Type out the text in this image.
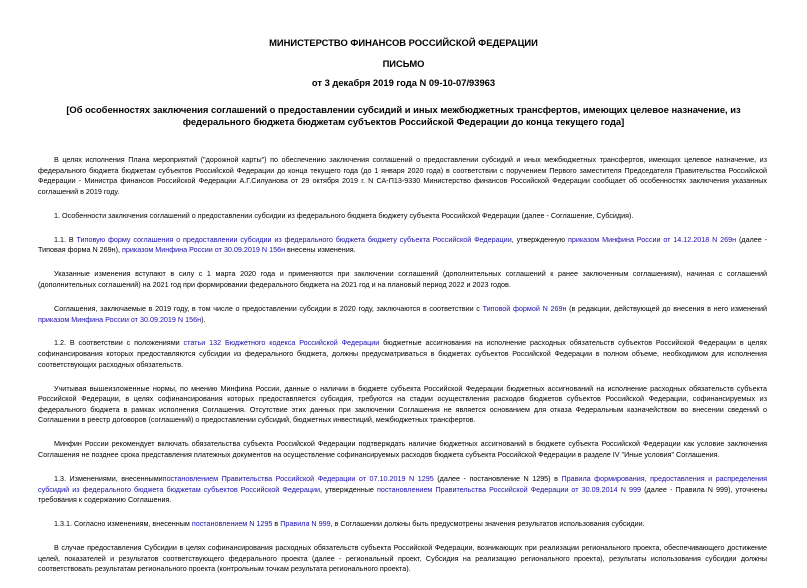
МИНИСТЕРСТВО ФИНАНСОВ РОССИЙСКОЙ ФЕДЕРАЦИИ
ПИСЬМО
от 3 декабря 2019 года N 09-10-07/93963
[Об особенностях заключения соглашений о предоставлении субсидий и иных межбюджетных трансфертов, имеющих целевое назначение, из федерального бюджета бюджетам субъектов Российской Федерации до конца текущего года]

В целях исполнения Плана мероприятий ("дорожной карты") по обеспечению заключения соглашений о предоставлении субсидий и иных межбюджетных трансфертов, имеющих целевое назначение, из федерального бюджета бюджетам субъектов Российской Федерации до конца текущего года (до 1 января 2020 года) в соответствии с поручением Первого заместителя Председателя Правительства Российской Федерации - Министра финансов Российской Федерации А.Г.Силуанова от 29 октября 2019 г. N СА-П13-9330 Министерство финансов Российской Федерации сообщает об особенностях заключения указанных соглашений в 2019 году.

1. Особенности заключения соглашений о предоставлении субсидии из федерального бюджета бюджету субъекта Российской Федерации (далее - Соглашение, Субсидия).

1.1. В Типовую форму соглашения о предоставлении субсидии из федерального бюджета бюджету субъекта Российской Федерации, утвержденную приказом Минфина России от 14.12.2018 N 269н (далее - Типовая форма N 269н), приказом Минфина России от 30.09.2019 N 156н внесены изменения.

Указанные изменения вступают в силу с 1 марта 2020 года и применяются при заключении соглашений (дополнительных соглашений к ранее заключенным соглашениям), начиная с соглашений (дополнительных соглашений) на 2021 год при формировании федерального бюджета на 2021 год и на плановый период 2022 и 2023 годов.

Соглашения, заключаемые в 2019 году, в том числе о предоставлении субсидии в 2020 году, заключаются в соответствии с Типовой формой N 269н (в редакции, действующей до внесения в него изменений приказом Минфина России от 30.09.2019 N 156н).

1.2. В соответствии с положениями статьи 132 Бюджетного кодекса Российской Федерации бюджетные ассигнования на исполнение расходных обязательств субъектов Российской Федерации в целях софинансирования которых предоставляются субсидии из федерального бюджета, должны предусматриваться в бюджетах субъектов Российской Федерации в полном объеме, необходимом для исполнения соответствующих расходных обязательств.

Учитывая вышеизложенные нормы, по мнению Минфина России, данные о наличии в бюджете субъекта Российской Федерации бюджетных ассигнований на исполнение расходных обязательств субъекта Российской Федерации, в целях софинансирования которых предоставляется субсидия, требуются на стадии осуществления расходов бюджетов субъектов Российской Федерации, софинансируемых из федерального бюджета в рамках исполнения Соглашения. Отсутствие этих данных при заключении Соглашения не является основанием для отказа Федеральным казначейством во внесении сведений о Соглашении в реестр договоров (соглашений) о предоставлении субсидий, бюджетных инвестиций, межбюджетных трансфертов.

Минфин России рекомендует включать обязательства субъекта Российской Федерации подтверждать наличие бюджетных ассигнований в бюджете субъекта Российской Федерации как условие заключения Соглашения не позднее срока представления платежных документов на осуществление софинансируемых расходов бюджета субъекта Российской Федерации в разделе IV "Иные условия" Соглашения.

1.3. Изменениями, внесеннымипостановлением Правительства Российской Федерации от 07.10.2019 N 1295 (далее - постановление N 1295) в Правила формирования, предоставления и распределения субсидий из федерального бюджета бюджетам субъектов Российской Федерации, утвержденные постановлением Правительства Российской Федерации от 30.09.2014 N 999 (далее - Правила N 999), уточнены требования к содержанию Соглашения.

1.3.1. Согласно изменениям, внесенным постановлением N 1295 в Правила N 999, в Соглашении должны быть предусмотрены значения результатов использования субсидии.

В случае предоставления Субсидии в целях софинансирования расходных обязательств субъекта Российской Федерации, возникающих при реализации регионального проекта, обеспечивающего достижение целей, показателей и результатов соответствующего федерального проекта (далее - региональный проект, Субсидия на реализацию регионального проекта), результаты использования субсидии должны соответствовать результатам регионального проекта (контрольным точкам результата регионального проекта).
